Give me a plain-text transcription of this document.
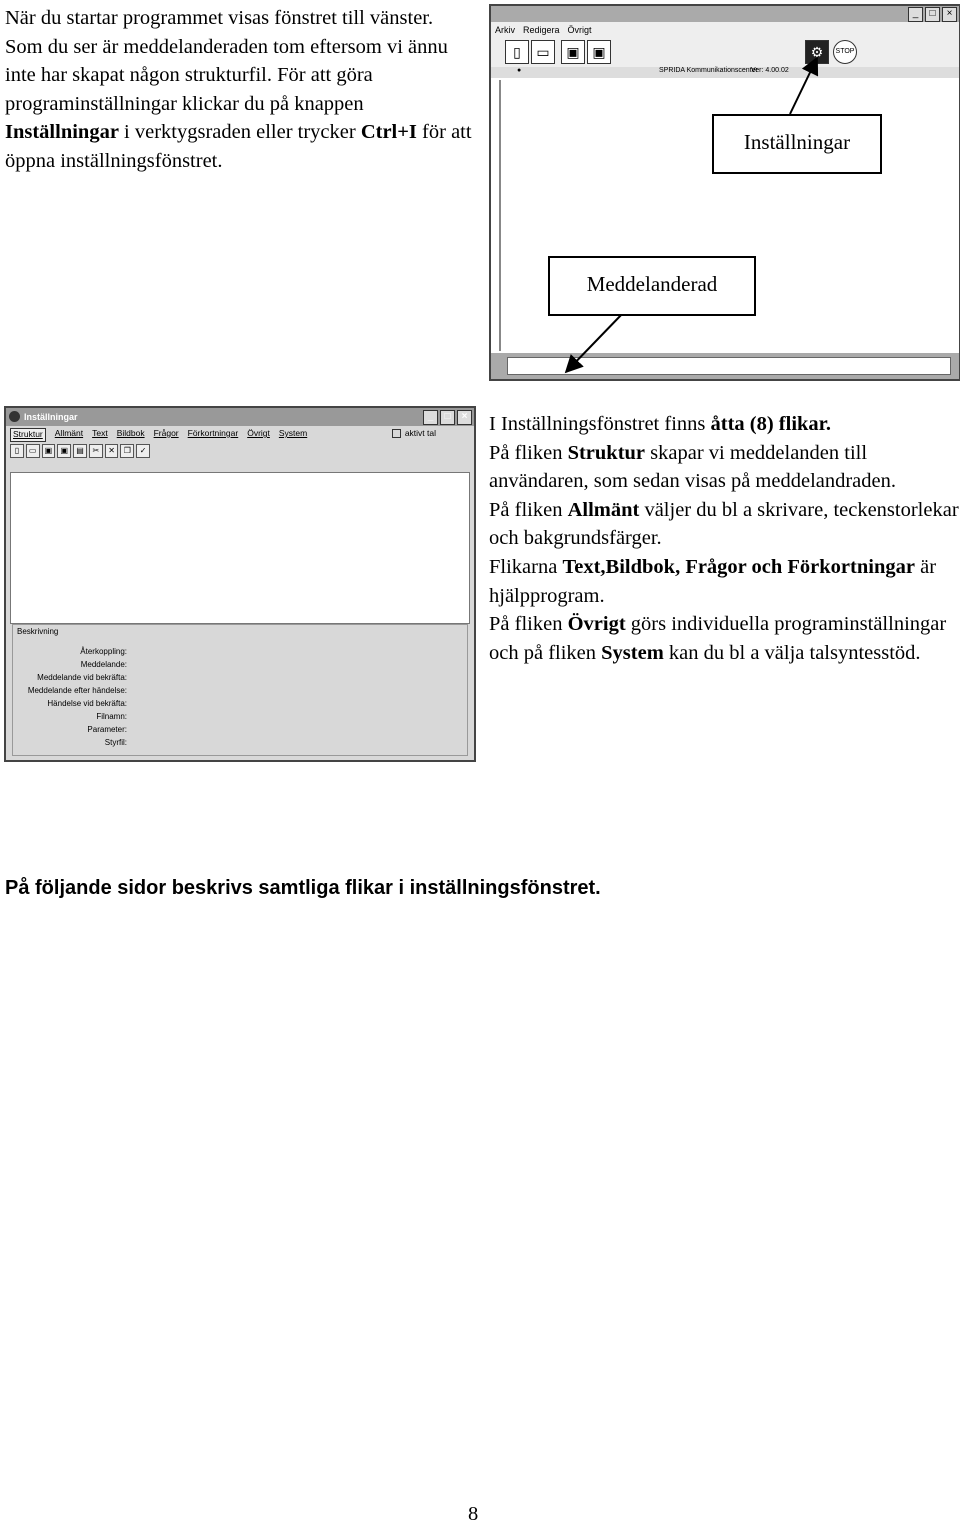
När du startar programmet visas fönstret till vänster. Som du ser är meddelanderaden tom eftersom vi ännu inte har skapat någon strukturfil. För att göra programinställningar klickar du på knappen Inställningar i verktygsraden eller trycker Ctrl+I för att öppna inställningsfönstret.

_	□	×
Arkiv Redigera Övrigt
▯	▭	▣ ▣	⚙	STOP
●	SPRIDA Kommunikationscenter
Ver: 4.00.02
Inställningar
Meddelanderad
Inställningar	_	□	×
Struktur	Allmänt Text Bildbok Frågor Förkortningar Övrigt System	aktivt tal
▯	▭	▣	▣	▤	✂	✕	❐	✓
Beskrivning
Återkoppling:
Meddelande:
Meddelande vid bekräfta:
Meddelande efter händelse:
Händelse vid bekräfta:
Filnamn:
Parameter:
Styrfil:
I Inställningsfönstret finns åtta (8) flikar.
På fliken Struktur skapar vi meddelanden till användaren, som sedan visas på meddelandraden.
På fliken Allmänt väljer du bl a skrivare, teckenstorlekar och bakgrundsfärger.
Flikarna Text,Bildbok, Frågor och Förkortningar är hjälpprogram.
På fliken Övrigt görs individuella programinställningar och på fliken System kan du bl a välja talsyntesstöd.
På följande sidor beskrivs samtliga flikar i inställningsfönstret.
8
